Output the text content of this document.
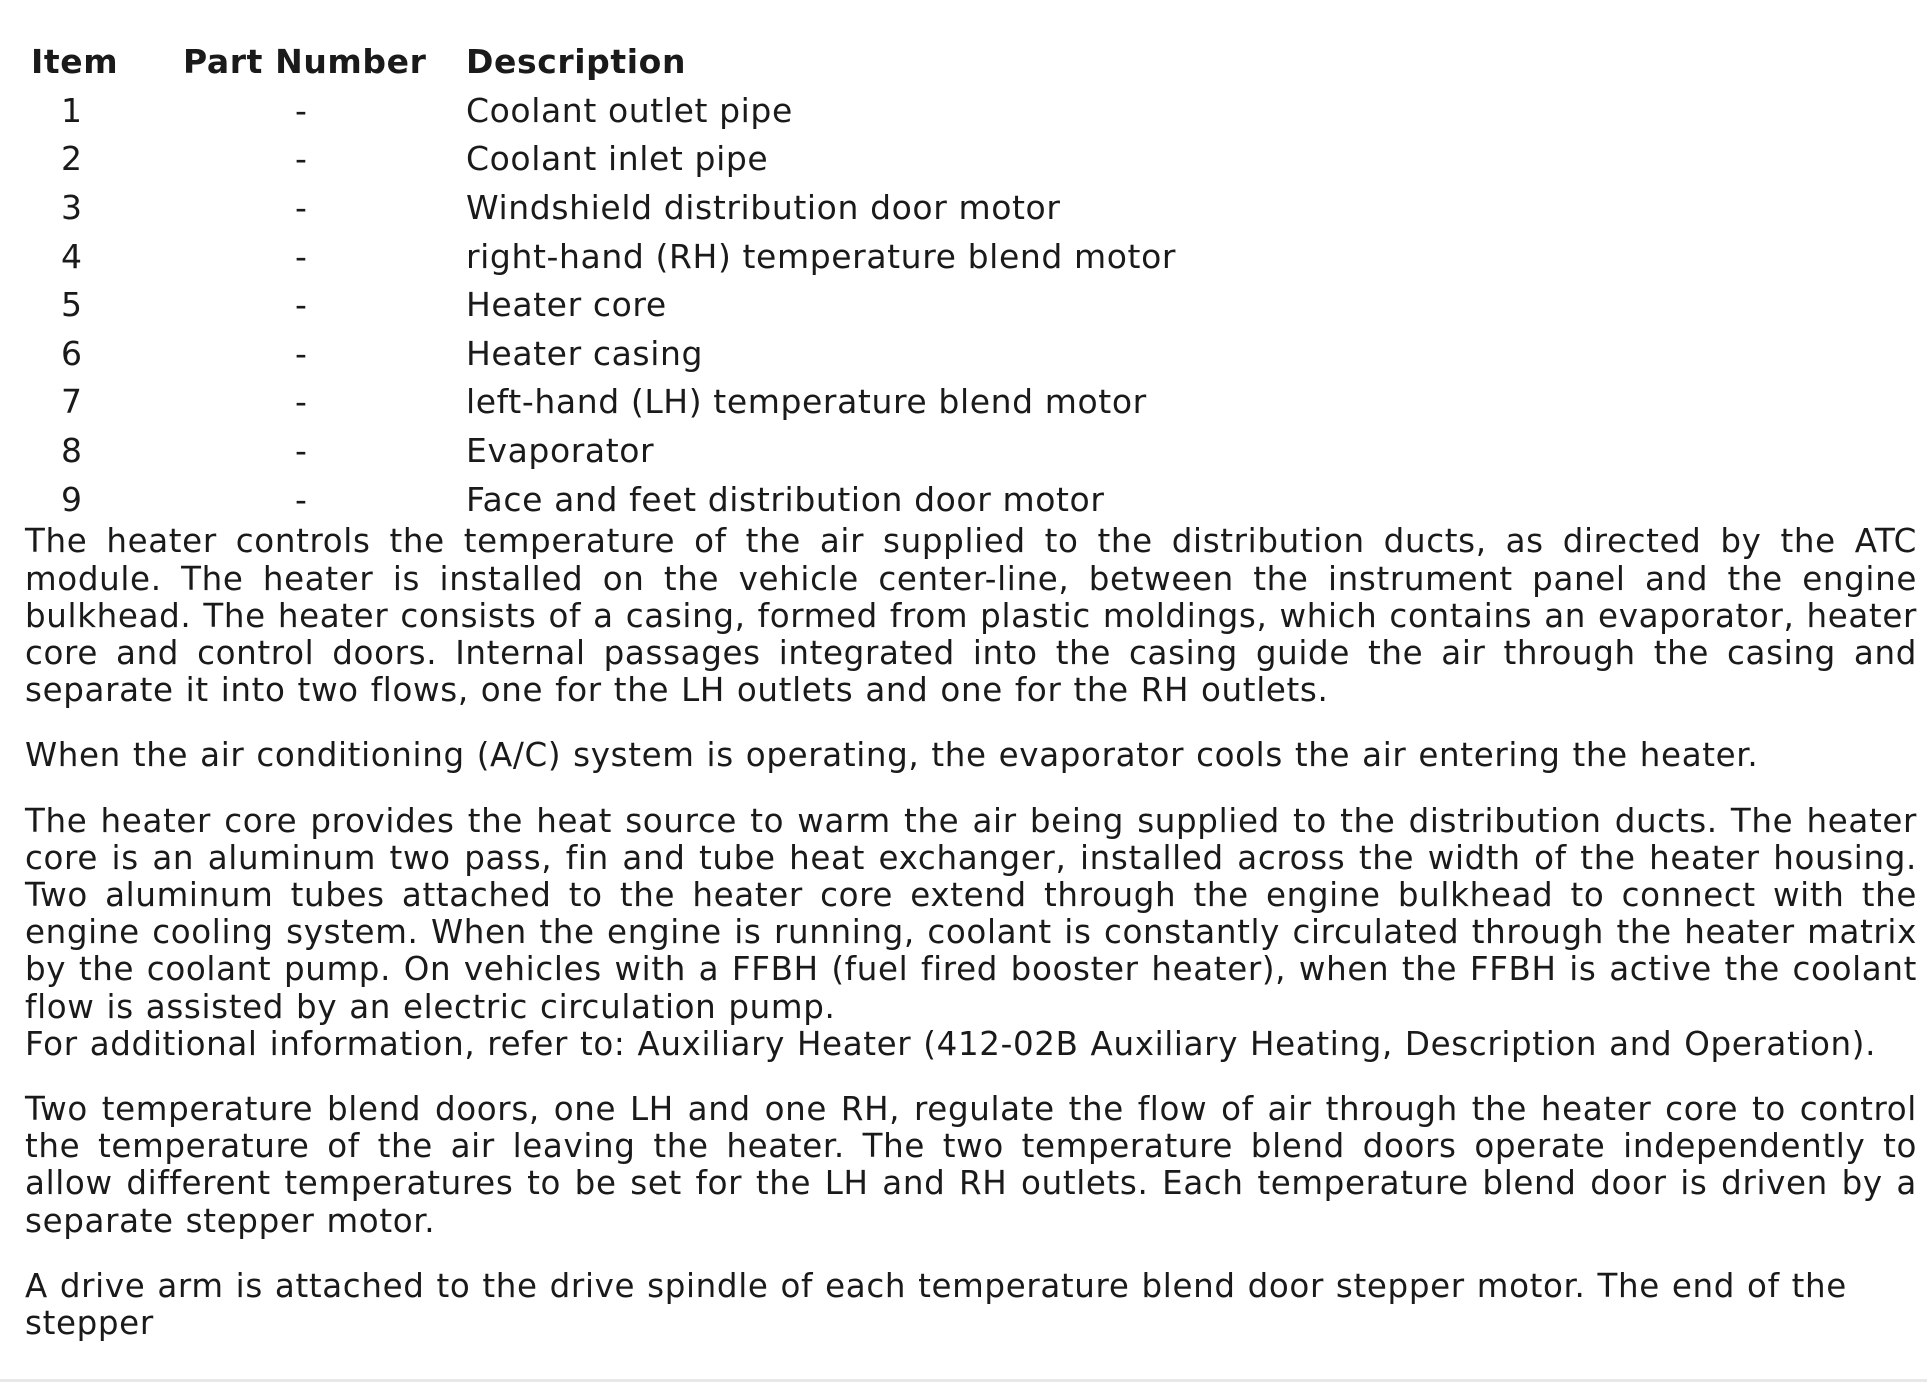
Item	Part Number	Description
1	-	Coolant outlet pipe
2	-	Coolant inlet pipe
3	-	Windshield distribution door motor
4	-	right-hand (RH) temperature blend motor
5	-	Heater core
6	-	Heater casing
7	-	left-hand (LH) temperature blend motor
8	-	Evaporator
9	-	Face and feet distribution door motor

The heater controls the temperature of the air supplied to the distribution ducts, as directed by the ATC module. The heater is installed on the vehicle center-line, between the instrument panel and the engine bulkhead. The heater consists of a casing, formed from plastic moldings, which contains an evaporator, heater core and control doors. Internal passages integrated into the casing guide the air through the casing and separate it into two flows, one for the LH outlets and one for the RH outlets.

When the air conditioning (A/C) system is operating, the evaporator cools the air entering the heater.

The heater core provides the heat source to warm the air being supplied to the distribution ducts. The heater core is an aluminum two pass, fin and tube heat exchanger, installed across the width of the heater housing. Two aluminum tubes attached to the heater core extend through the engine bulkhead to connect with the engine cooling system. When the engine is running, coolant is constantly circulated through the heater matrix by the coolant pump. On vehicles with a FFBH (fuel fired booster heater), when the FFBH is active the coolant flow is assisted by an electric circulation pump.

For additional information, refer to: Auxiliary Heater (412-02B Auxiliary Heating, Description and Operation).

Two temperature blend doors, one LH and one RH, regulate the flow of air through the heater core to control the temperature of the air leaving the heater. The two temperature blend doors operate independently to allow different temperatures to be set for the LH and RH outlets. Each temperature blend door is driven by a separate stepper motor.

A drive arm is attached to the drive spindle of each temperature blend door stepper motor. The end of the stepper
